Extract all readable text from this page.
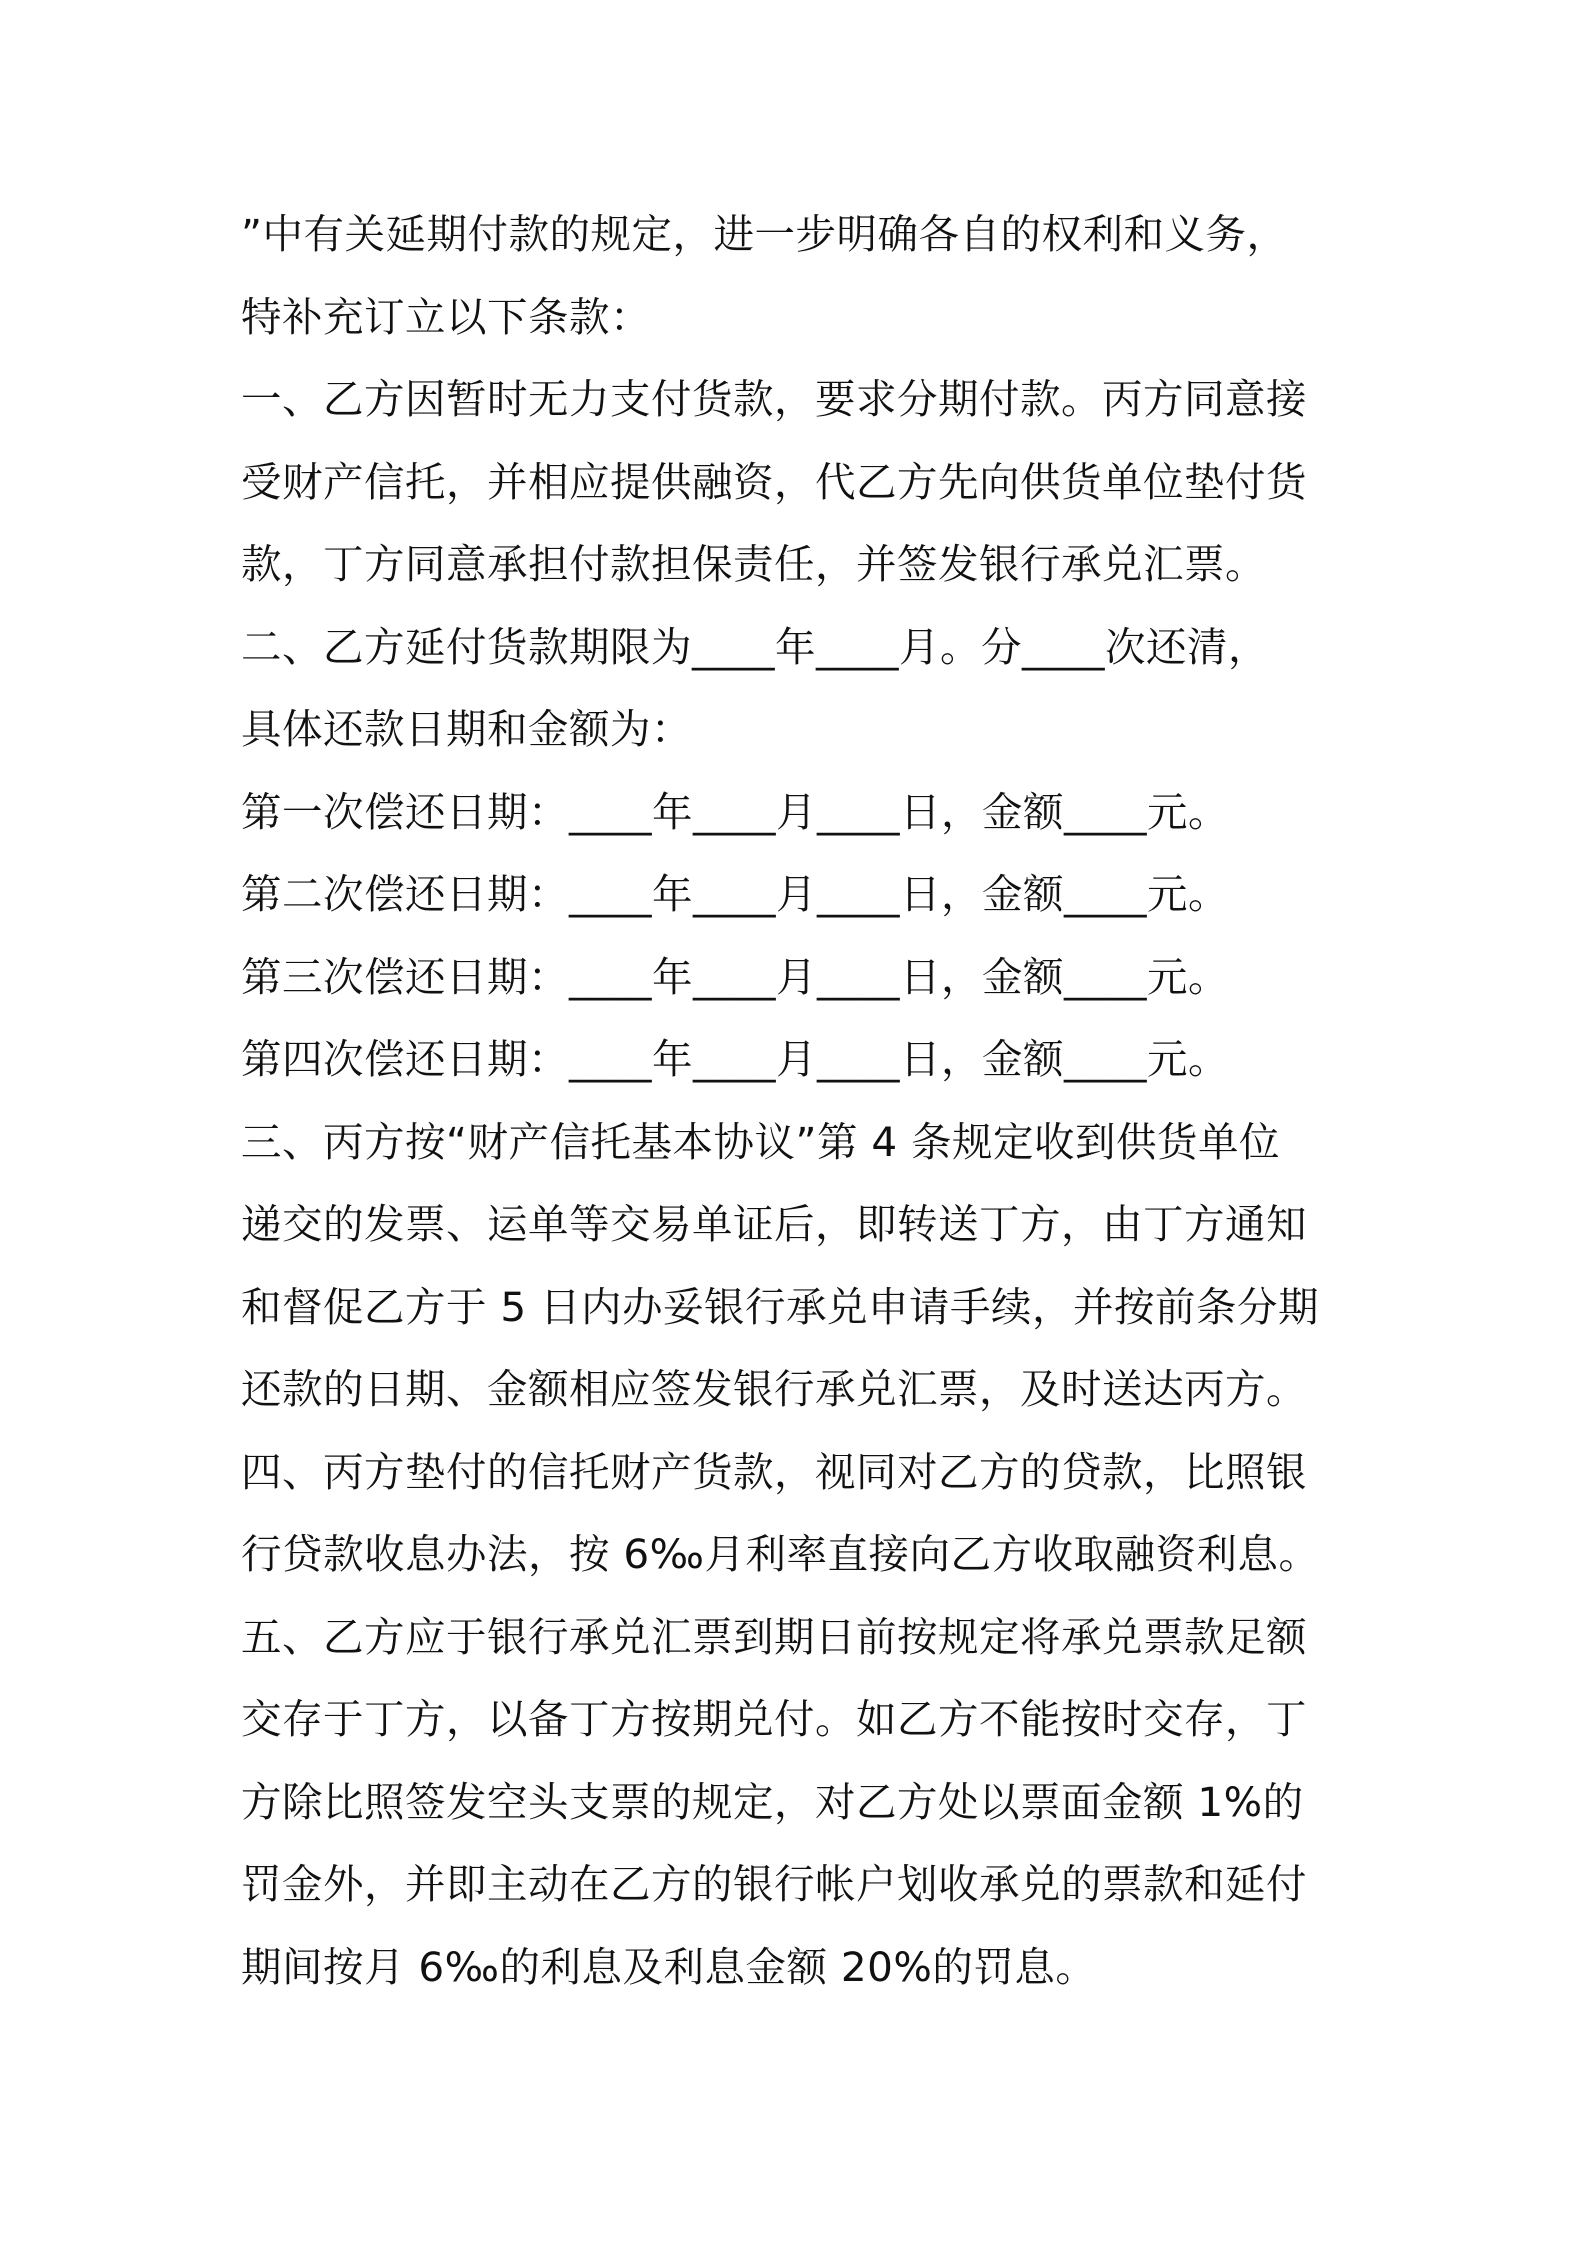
”中有关延期付款的规定，进一步明确各自的权利和义务，
特补充订立以下条款：
一、乙方因暂时无力支付货款，要求分期付款。丙方同意接
受财产信托，并相应提供融资，代乙方先向供货单位垫付货
款，丁方同意承担付款担保责任，并签发银行承兑汇票。
二、乙方延付货款期限为____年____月。分____次还清，
具体还款日期和金额为：
第一次偿还日期：____年____月____日，金额____元。
第二次偿还日期：____年____月____日，金额____元。
第三次偿还日期：____年____月____日，金额____元。
第四次偿还日期：____年____月____日，金额____元。
三、丙方按“财产信托基本协议”第 4 条规定收到供货单位
递交的发票、运单等交易单证后，即转送丁方，由丁方通知
和督促乙方于 5 日内办妥银行承兑申请手续，并按前条分期
还款的日期、金额相应签发银行承兑汇票，及时送达丙方。
四、丙方垫付的信托财产货款，视同对乙方的贷款，比照银
行贷款收息办法，按 6‰月利率直接向乙方收取融资利息。
五、乙方应于银行承兑汇票到期日前按规定将承兑票款足额
交存于丁方，以备丁方按期兑付。如乙方不能按时交存，丁
方除比照签发空头支票的规定，对乙方处以票面金额 1%的
罚金外，并即主动在乙方的银行帐户划收承兑的票款和延付
期间按月 6‰的利息及利息金额 20%的罚息。
